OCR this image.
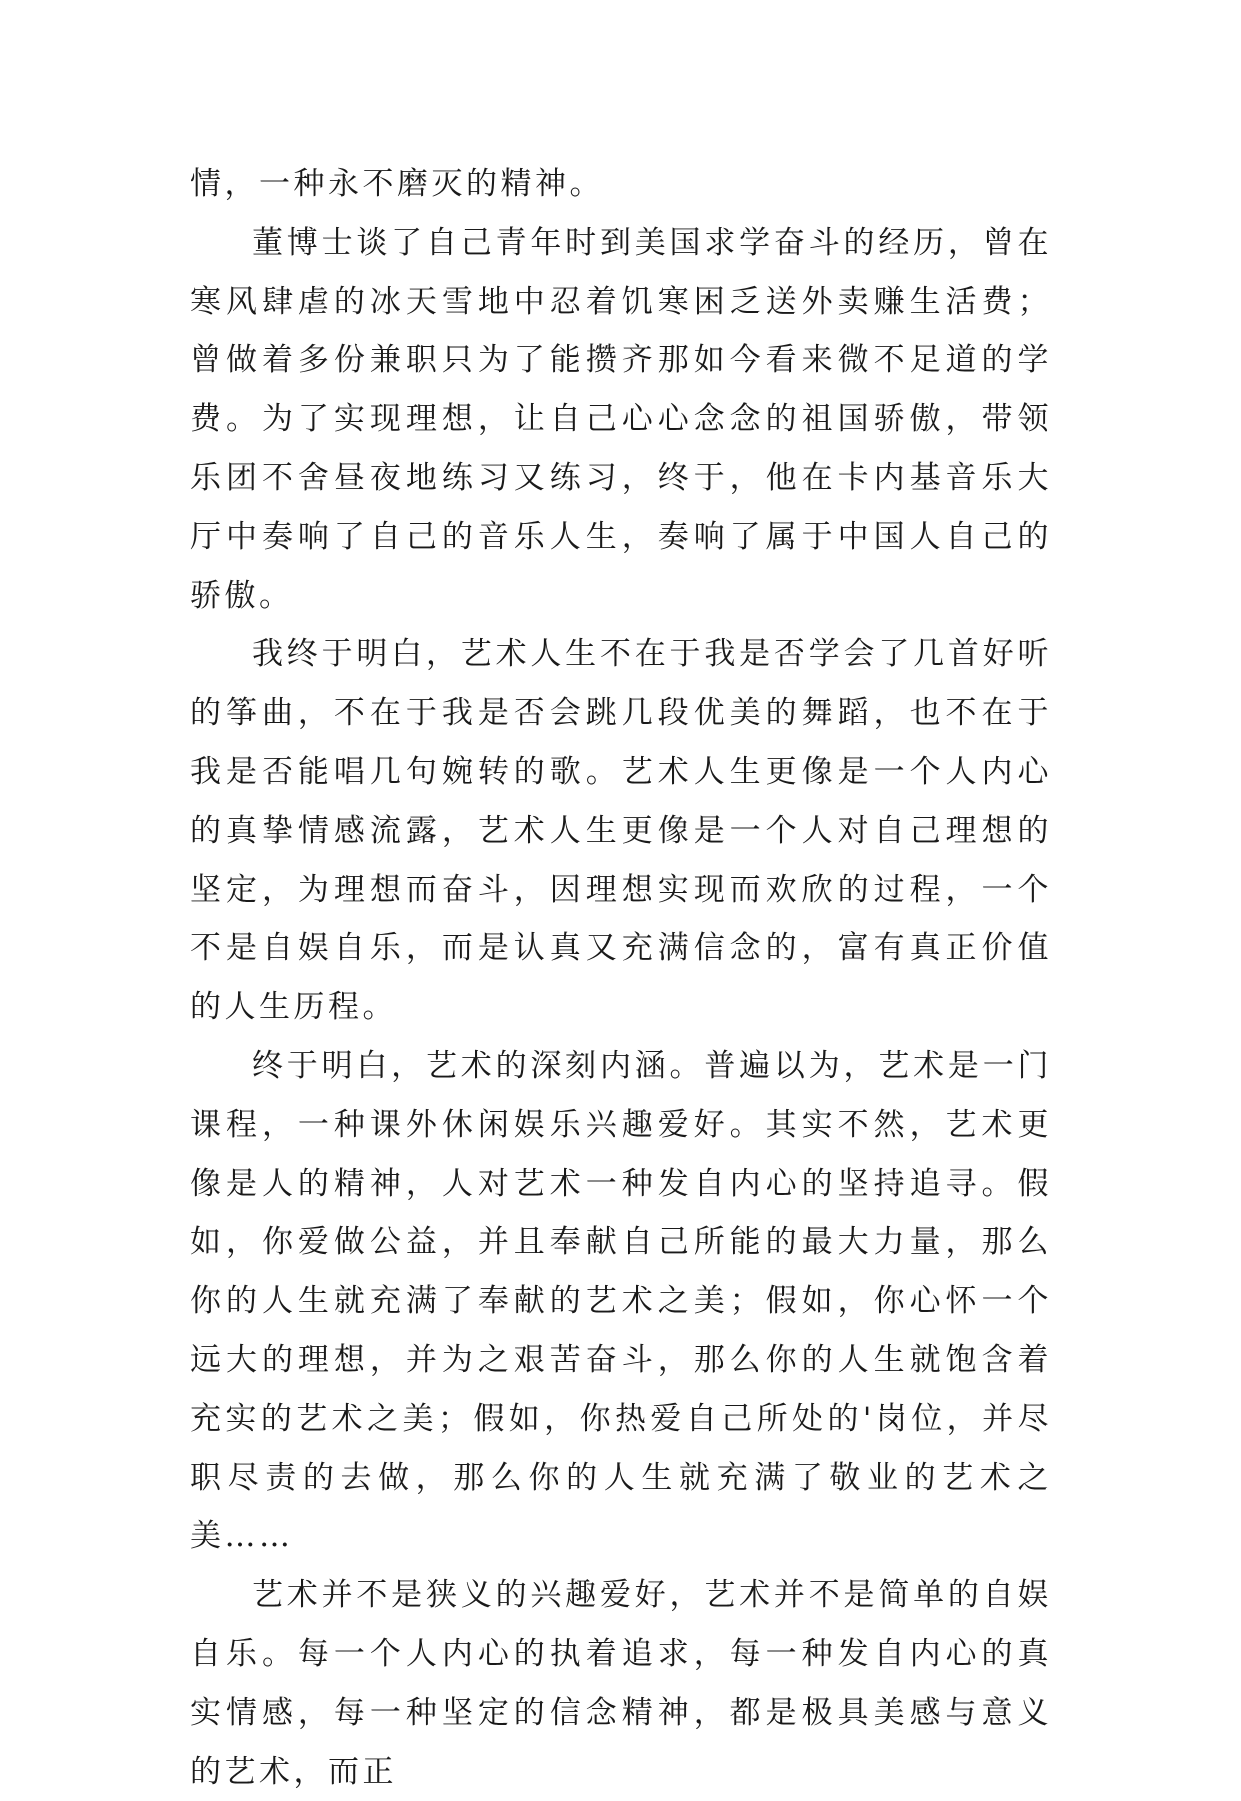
情，一种永不磨灭的精神。

董博士谈了自己青年时到美国求学奋斗的经历，曾在寒风肆虐的冰天雪地中忍着饥寒困乏送外卖赚生活费；曾做着多份兼职只为了能攒齐那如今看来微不足道的学费。为了实现理想，让自己心心念念的祖国骄傲，带领乐团不舍昼夜地练习又练习，终于，他在卡内基音乐大厅中奏响了自己的音乐人生，奏响了属于中国人自己的骄傲。

我终于明白，艺术人生不在于我是否学会了几首好听的筝曲，不在于我是否会跳几段优美的舞蹈，也不在于我是否能唱几句婉转的歌。艺术人生更像是一个人内心的真挚情感流露，艺术人生更像是一个人对自己理想的坚定，为理想而奋斗，因理想实现而欢欣的过程，一个不是自娱自乐，而是认真又充满信念的，富有真正价值的人生历程。

终于明白，艺术的深刻内涵。普遍以为，艺术是一门课程，一种课外休闲娱乐兴趣爱好。其实不然，艺术更像是人的精神，人对艺术一种发自内心的坚持追寻。假如，你爱做公益，并且奉献自己所能的最大力量，那么你的人生就充满了奉献的艺术之美；假如，你心怀一个远大的理想，并为之艰苦奋斗，那么你的人生就饱含着充实的艺术之美；假如，你热爱自己所处的'岗位，并尽职尽责的去做，那么你的人生就充满了敬业的艺术之美……

艺术并不是狭义的兴趣爱好，艺术并不是简单的自娱自乐。每一个人内心的执着追求，每一种发自内心的真实情感，每一种坚定的信念精神，都是极具美感与意义的艺术，而正
